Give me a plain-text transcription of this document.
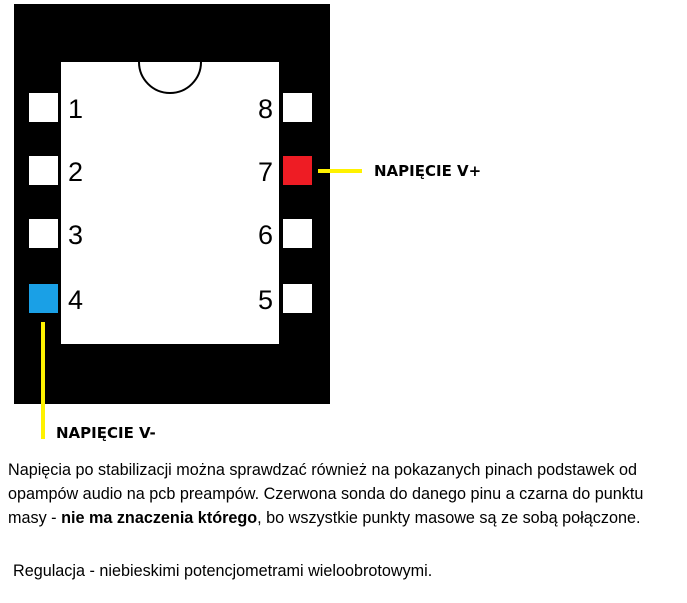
1
2
3
4
8
7
6
5
NAPIĘCIE V+
NAPIĘCIE V-

Napięcia po stabilizacji można sprawdzać również na pokazanych pinach podstawek od opampów audio na pcb preampów. Czerwona sonda do danego pinu a czarna do punktu masy - nie ma znaczenia którego, bo wszystkie punkty masowe są ze sobą połączone.

Regulacja - niebieskimi potencjometrami wieloobrotowymi.
